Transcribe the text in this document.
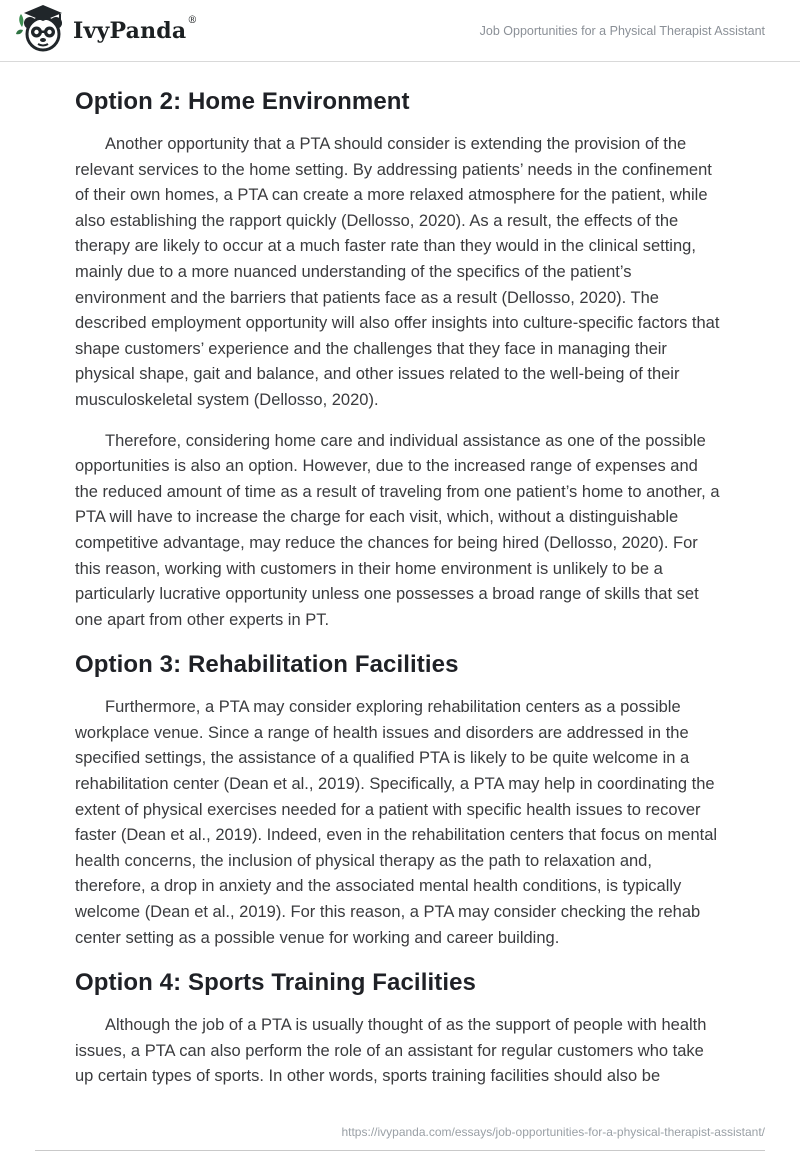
IvyPanda®
Job Opportunities for a Physical Therapist Assistant
Option 2: Home Environment

Another opportunity that a PTA should consider is extending the provision of the relevant services to the home setting. By addressing patients’ needs in the confinement of their own homes, a PTA can create a more relaxed atmosphere for the patient, while also establishing the rapport quickly (Dellosso, 2020). As a result, the effects of the therapy are likely to occur at a much faster rate than they would in the clinical setting, mainly due to a more nuanced understanding of the specifics of the patient’s environment and the barriers that patients face as a result (Dellosso, 2020). The described employment opportunity will also offer insights into culture-specific factors that shape customers’ experience and the challenges that they face in managing their physical shape, gait and balance, and other issues related to the well-being of their musculoskeletal system (Dellosso, 2020).

Therefore, considering home care and individual assistance as one of the possible opportunities is also an option. However, due to the increased range of expenses and the reduced amount of time as a result of traveling from one patient’s home to another, a PTA will have to increase the charge for each visit, which, without a distinguishable competitive advantage, may reduce the chances for being hired (Dellosso, 2020). For this reason, working with customers in their home environment is unlikely to be a particularly lucrative opportunity unless one possesses a broad range of skills that set one apart from other experts in PT.

Option 3: Rehabilitation Facilities

Furthermore, a PTA may consider exploring rehabilitation centers as a possible workplace venue. Since a range of health issues and disorders are addressed in the specified settings, the assistance of a qualified PTA is likely to be quite welcome in a rehabilitation center (Dean et al., 2019). Specifically, a PTA may help in coordinating the extent of physical exercises needed for a patient with specific health issues to recover faster (Dean et al., 2019). Indeed, even in the rehabilitation centers that focus on mental health concerns, the inclusion of physical therapy as the path to relaxation and, therefore, a drop in anxiety and the associated mental health conditions, is typically welcome (Dean et al., 2019). For this reason, a PTA may consider checking the rehab center setting as a possible venue for working and career building.

Option 4: Sports Training Facilities

Although the job of a PTA is usually thought of as the support of people with health issues, a PTA can also perform the role of an assistant for regular customers who take up certain types of sports. In other words, sports training facilities should also be

https://ivypanda.com/essays/job-opportunities-for-a-physical-therapist-assistant/
